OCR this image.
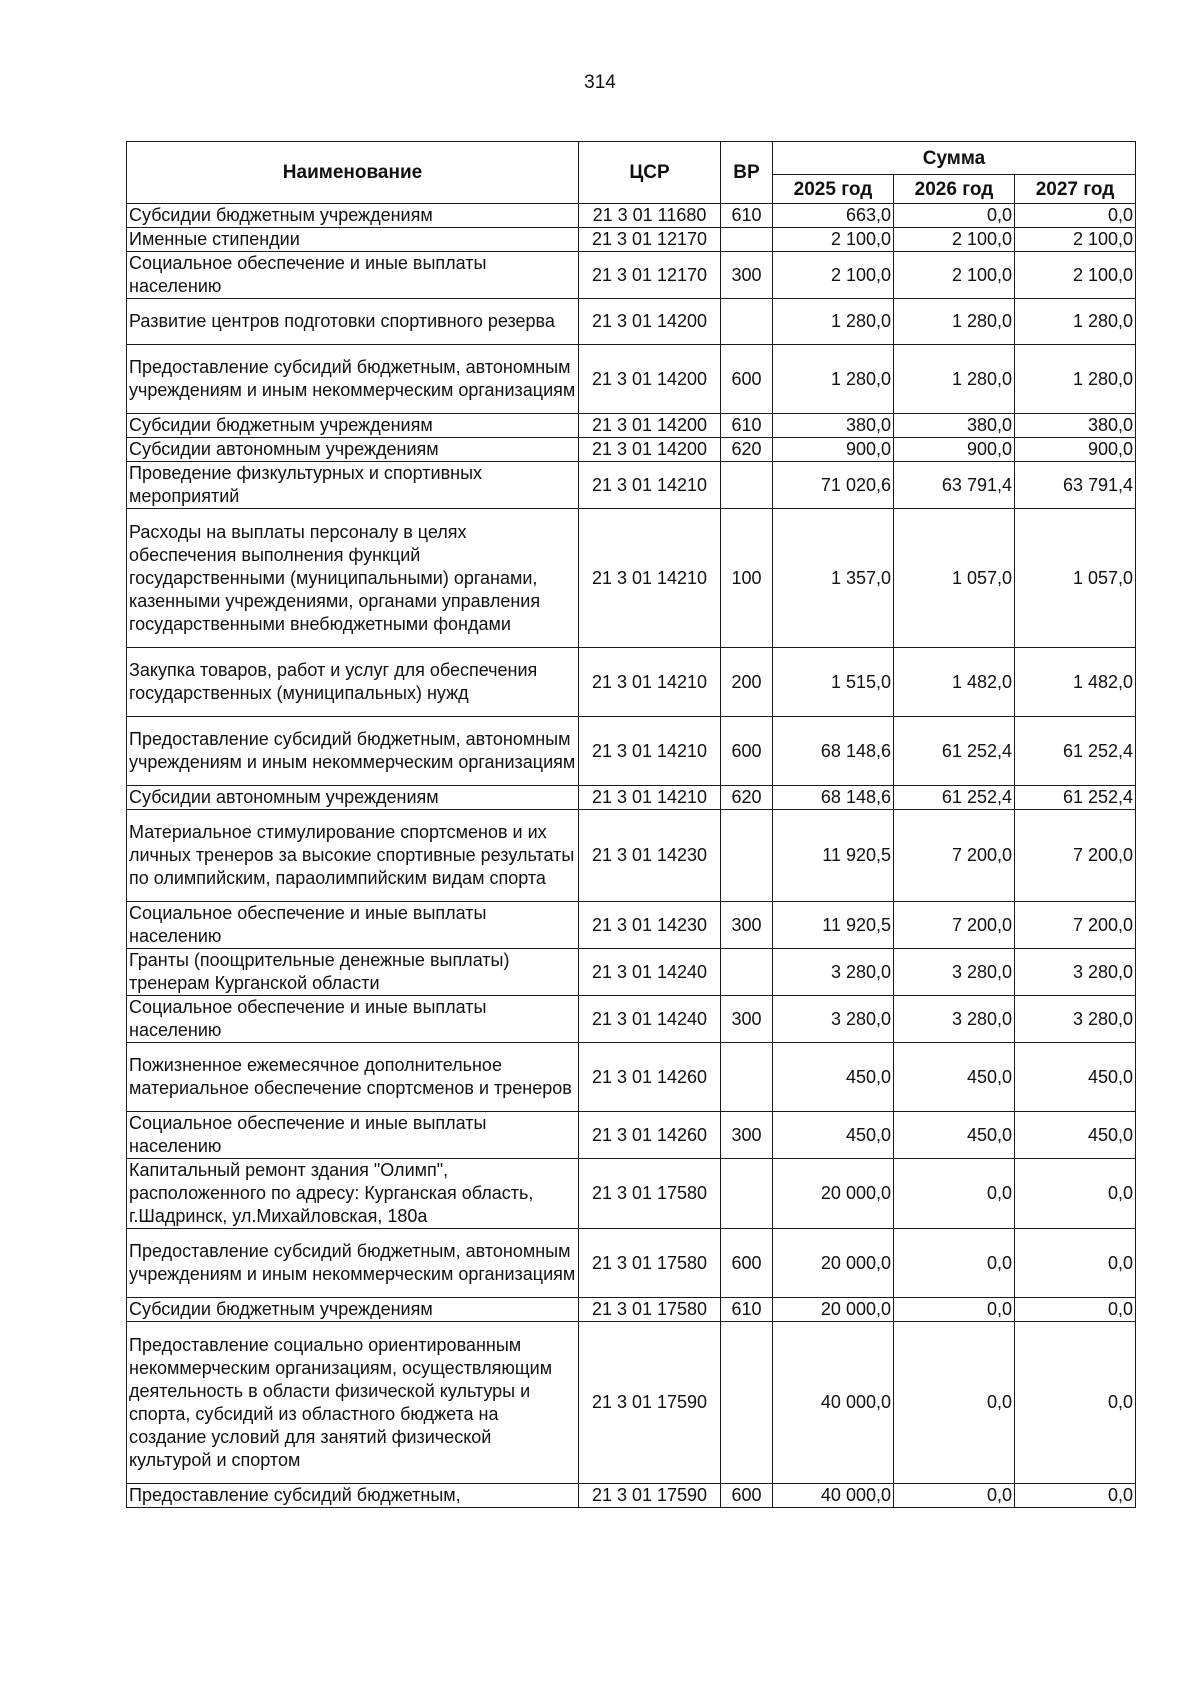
314
Наименование	ЦСР	ВР	Сумма		
			2025 год	2026 год	2027 год
Субсидии бюджетным учреждениям	21 3 01 11680	610	663,0	0,0	0,0
Именные стипендии	21 3 01 12170		2 100,0	2 100,0	2 100,0
Социальное обеспечение и иные выплаты населению	21 3 01 12170	300	2 100,0	2 100,0	2 100,0
Развитие центров подготовки спортивного резерва	21 3 01 14200		1 280,0	1 280,0	1 280,0
Предоставление субсидий бюджетным, автономным учреждениям и иным некоммерческим организациям	21 3 01 14200	600	1 280,0	1 280,0	1 280,0
Субсидии бюджетным учреждениям	21 3 01 14200	610	380,0	380,0	380,0
Субсидии автономным учреждениям	21 3 01 14200	620	900,0	900,0	900,0
Проведение физкультурных и спортивных мероприятий	21 3 01 14210		71 020,6	63 791,4	63 791,4
Расходы на выплаты персоналу в целях обеспечения выполнения функций государственными (муниципальными) органами, казенными учреждениями, органами управления государственными внебюджетными фондами	21 3 01 14210	100	1 357,0	1 057,0	1 057,0
Закупка товаров, работ и услуг для обеспечения государственных (муниципальных) нужд	21 3 01 14210	200	1 515,0	1 482,0	1 482,0
Предоставление субсидий бюджетным, автономным учреждениям и иным некоммерческим организациям	21 3 01 14210	600	68 148,6	61 252,4	61 252,4
Субсидии автономным учреждениям	21 3 01 14210	620	68 148,6	61 252,4	61 252,4
Материальное стимулирование спортсменов и их личных тренеров за высокие спортивные результаты по олимпийским, параолимпийским видам спорта	21 3 01 14230		11 920,5	7 200,0	7 200,0
Социальное обеспечение и иные выплаты населению	21 3 01 14230	300	11 920,5	7 200,0	7 200,0
Гранты (поощрительные денежные выплаты) тренерам Курганской области	21 3 01 14240		3 280,0	3 280,0	3 280,0
Социальное обеспечение и иные выплаты населению	21 3 01 14240	300	3 280,0	3 280,0	3 280,0
Пожизненное ежемесячное дополнительное материальное обеспечение спортсменов и тренеров	21 3 01 14260		450,0	450,0	450,0
Социальное обеспечение и иные выплаты населению	21 3 01 14260	300	450,0	450,0	450,0
Капитальный ремонт здания "Олимп", расположенного по адресу: Курганская область, г.Шадринск, ул.Михайловская, 180а	21 3 01 17580		20 000,0	0,0	0,0
Предоставление субсидий бюджетным, автономным учреждениям и иным некоммерческим организациям	21 3 01 17580	600	20 000,0	0,0	0,0
Субсидии бюджетным учреждениям	21 3 01 17580	610	20 000,0	0,0	0,0
Предоставление социально ориентированным некоммерческим организациям, осуществляющим деятельность в области физической культуры и спорта, субсидий из областного бюджета на создание условий для занятий физической культурой и спортом	21 3 01 17590		40 000,0	0,0	0,0
Предоставление субсидий бюджетным,	21 3 01 17590	600	40 000,0	0,0	0,0
